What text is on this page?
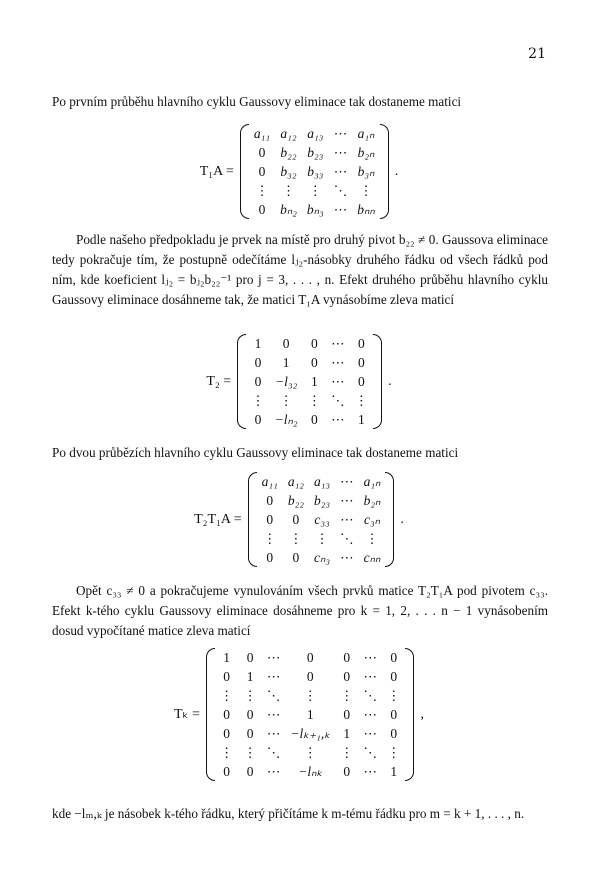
21
Po prvním průběhu hlavního cyklu Gaussovy eliminace tak dostaneme matici
T₁A =
a₁₁	a₁₂	a₁₃	⋯	a₁ₙ
0	b₂₂	b₂₃	⋯	b₂ₙ
0	b₃₂	b₃₃	⋯	b₃ₙ
⋮	⋮	⋮	⋱	⋮
0	bₙ₂	bₙ₃	⋯	bₙₙ
.
Podle našeho předpokladu je prvek na místě pro druhý pivot b₂₂ ≠ 0. Gaussova eliminace tedy pokračuje tím, že postupně odečítáme lⱼ₂-násobky druhého řádku od všech řádků pod ním, kde koeficient lⱼ₂ = bⱼ₂b₂₂⁻¹ pro j = 3, . . . , n. Efekt druhého průběhu hlavního cyklu Gaussovy eliminace dosáhneme tak, že matici T₁A vynásobíme zleva maticí
T₂ =
1	0	0	⋯	0
0	1	0	⋯	0
0	−l₃₂	1	⋯	0
⋮	⋮	⋮	⋱	⋮
0	−lₙ₂	0	⋯	1
.
Po dvou průbězích hlavního cyklu Gaussovy eliminace tak dostaneme matici
T₂T₁A =
a₁₁	a₁₂	a₁₃	⋯	a₁ₙ
0	b₂₂	b₂₃	⋯	b₂ₙ
0	0	c₃₃	⋯	c₃ₙ
⋮	⋮	⋮	⋱	⋮
0	0	cₙ₃	⋯	cₙₙ
.
Opět c₃₃ ≠ 0 a pokračujeme vynulováním všech prvků matice T₂T₁A pod pivotem c₃₃. Efekt k-tého cyklu Gaussovy eliminace dosáhneme pro k = 1, 2, . . . n − 1 vynásobením dosud vypočítané matice zleva maticí
Tₖ =
1	0	⋯	0	0	⋯	0
0	1	⋯	0	0	⋯	0
⋮	⋮	⋱	⋮	⋮	⋱	⋮
0	0	⋯	1	0	⋯	0
0	0	⋯	−lₖ₊₁,ₖ	1	⋯	0
⋮	⋮	⋱	⋮	⋮	⋱	⋮
0	0	⋯	−lₙₖ	0	⋯	1
,
kde −lₘ,ₖ je násobek k-tého řádku, který přičítáme k m-tému řádku pro m = k + 1, . . . , n.
